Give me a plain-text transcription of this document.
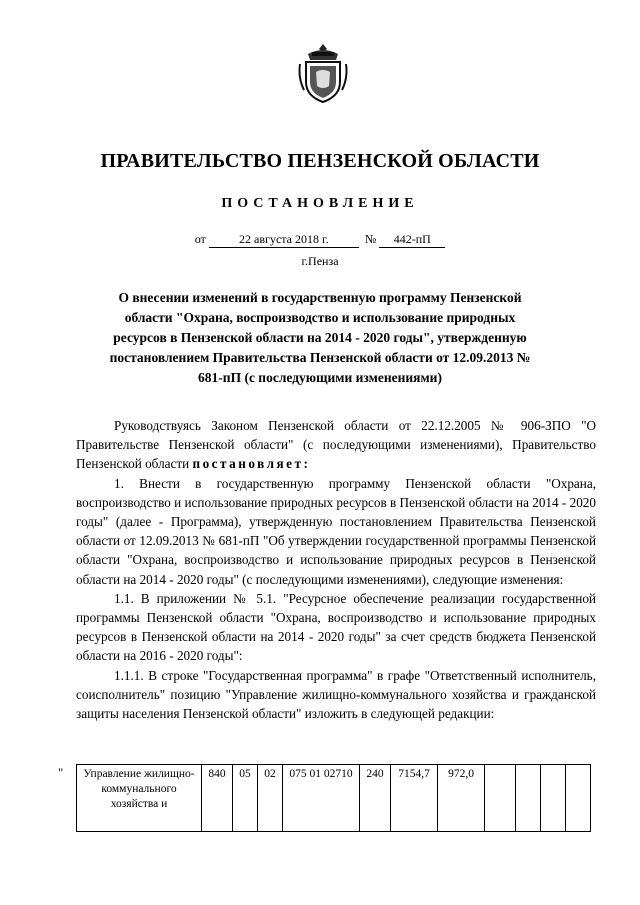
ПРАВИТЕЛЬСТВО ПЕНЗЕНСКОЙ ОБЛАСТИ
ПОСТАНОВЛЕНИЕ
от	22 августа 2018 г.	№ 442-пП
г.Пенза
О внесении изменений в государственную программу Пензенской области "Охрана, воспроизводство и использование природных ресурсов в Пензенской области на 2014 - 2020 годы", утвержденную постановлением Правительства Пензенской области от 12.09.2013 № 681-пП (с последующими изменениями)

Руководствуясь Законом Пензенской области от 22.12.2005 № 906-ЗПО "О Правительстве Пензенской области" (с последующими изменениями), Правительство Пензенской области постановляет:

1. Внести в государственную программу Пензенской области "Охрана, воспроизводство и использование природных ресурсов в Пензенской области на 2014 - 2020 годы" (далее - Программа), утвержденную постановлением Правительства Пензенской области от 12.09.2013 № 681-пП "Об утверждении государственной программы Пензенской области "Охрана, воспроизводство и использование природных ресурсов в Пензенской области на 2014 - 2020 годы" (с последующими изменениями), следующие изменения:

1.1. В приложении № 5.1. "Ресурсное обеспечение реализации государственной программы Пензенской области "Охрана, воспроизводство и использование природных ресурсов в Пензенской области на 2014 - 2020 годы" за счет средств бюджета Пензенской области на 2016 - 2020 годы":

1.1.1. В строке "Государственная программа" в графе "Ответственный исполнитель, соисполнитель" позицию "Управление жилищно-коммунального хозяйства и гражданской защиты населения Пензенской области" изложить в следующей редакции:

" Управление жилищно-коммунального хозяйства и	840	05	02	075 01 02710	240	7154,7	972,0				
